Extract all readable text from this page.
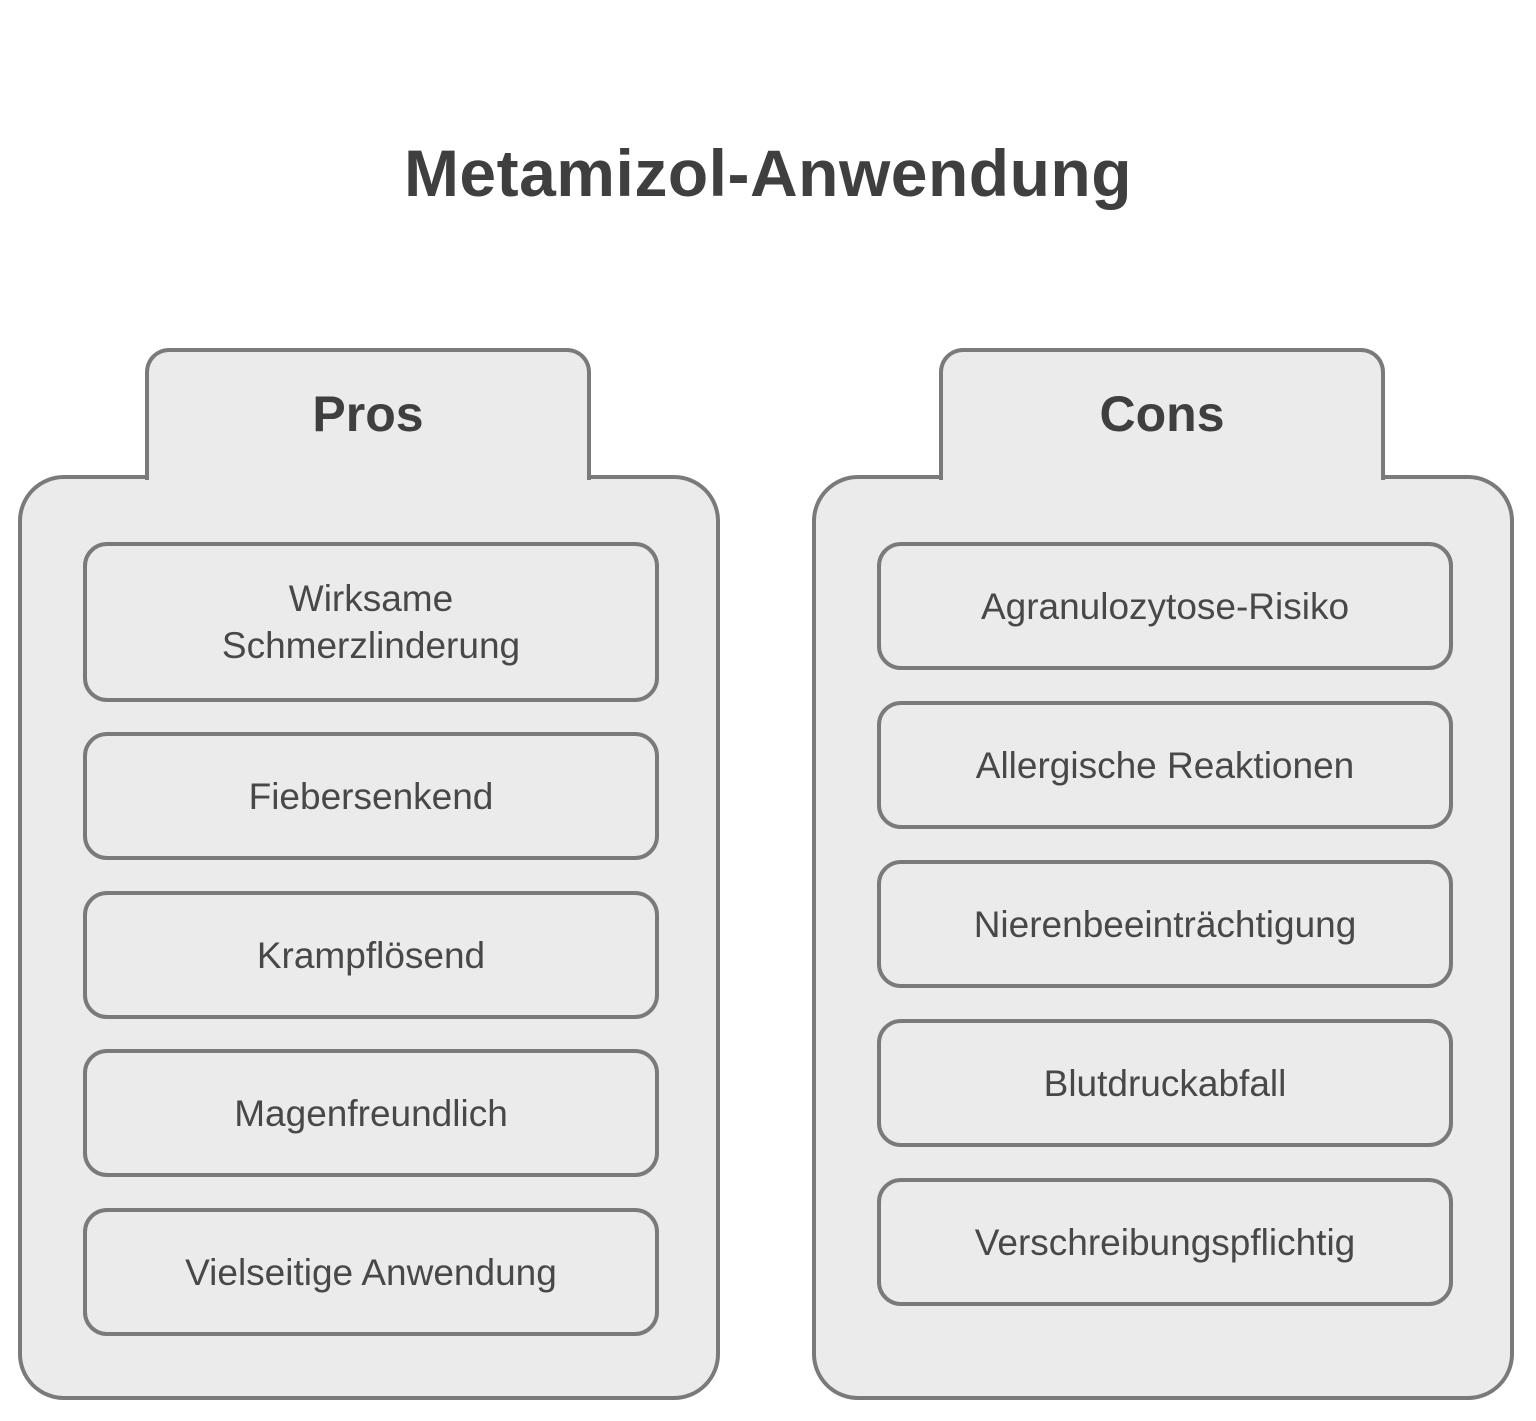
Metamizol-Anwendung
Pros
Wirksame Schmerzlinderung
Fiebersenkend
Krampflösend
Magenfreundlich
Vielseitige Anwendung
Cons
Agranulozytose-Risiko
Allergische Reaktionen
Nierenbeeinträchtigung
Blutdruckabfall
Verschreibungspflichtig
